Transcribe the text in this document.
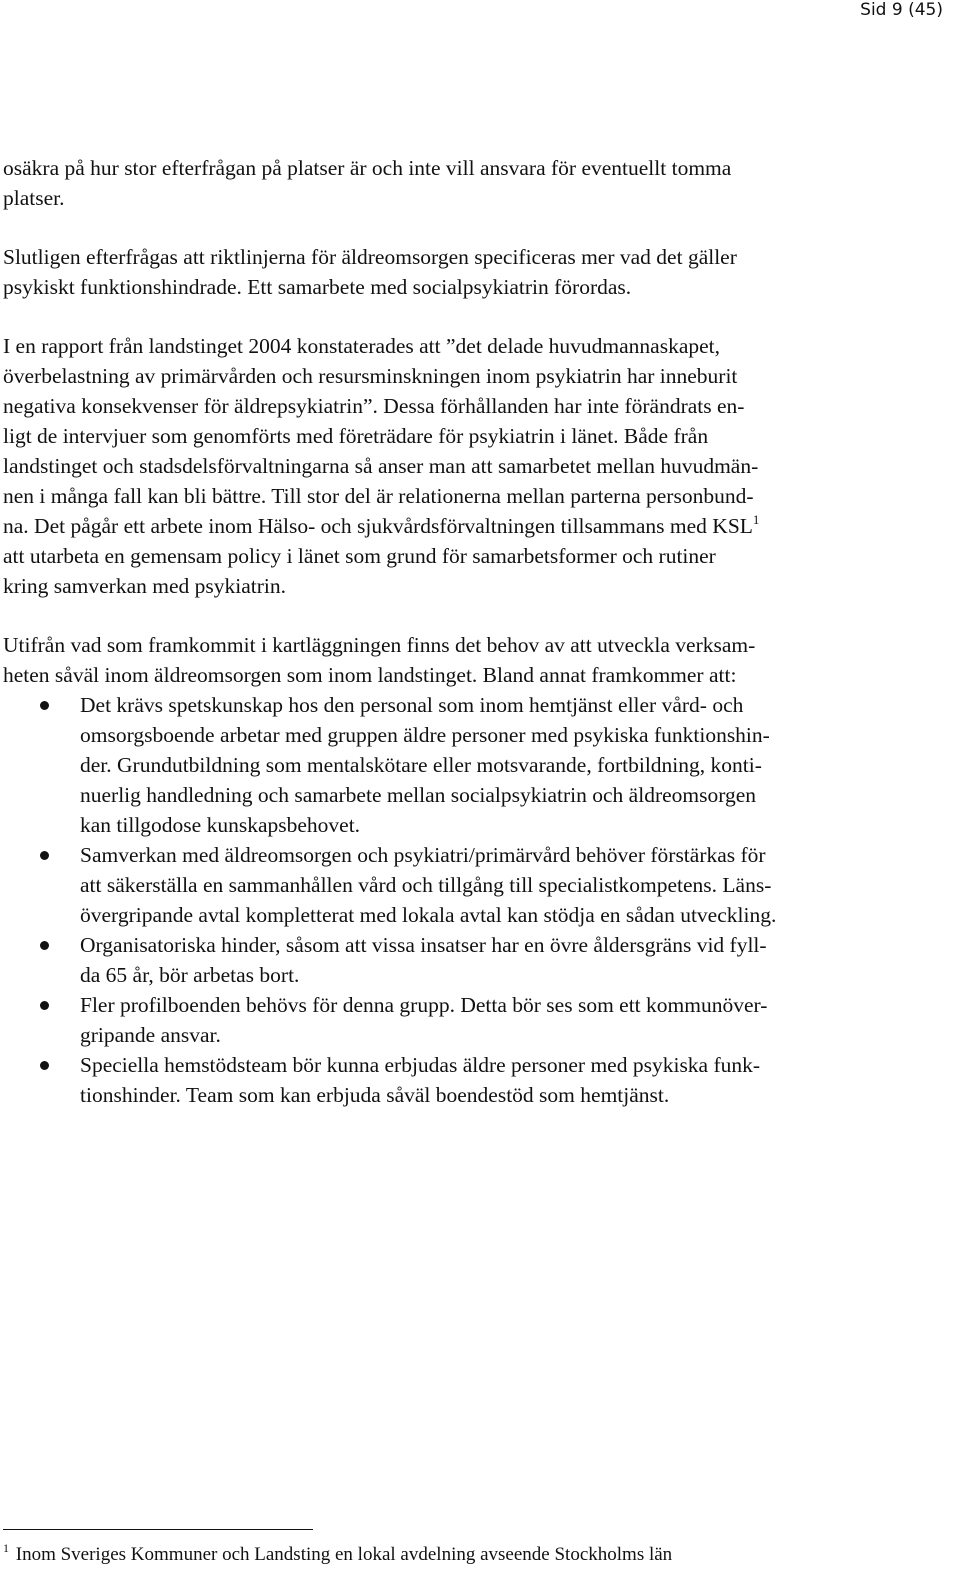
Sid 9 (45)

osäkra på hur stor efterfrågan på platser är och inte vill ansvara för eventuellt tomma
platser.

Slutligen efterfrågas att riktlinjerna för äldreomsorgen specificeras mer vad det gäller
psykiskt funktionshindrade. Ett samarbete med socialpsykiatrin förordas.

I en rapport från landstinget 2004 konstaterades att ”det delade huvudmannaskapet,
överbelastning av primärvården och resursminskningen inom psykiatrin har inneburit
negativa konsekvenser för äldrepsykiatrin”. Dessa förhållanden har inte förändrats en-
ligt de intervjuer som genomförts med företrädare för psykiatrin i länet. Både från
landstinget och stadsdelsförvaltningarna så anser man att samarbetet mellan huvudmän-
nen i många fall kan bli bättre. Till stor del är relationerna mellan parterna personbund-
na. Det pågår ett arbete inom Hälso- och sjukvårdsförvaltningen tillsammans med KSL$^1$
att utarbeta en gemensam policy i länet som grund för samarbetsformer och rutiner
kring samverkan med psykiatrin.

Utifrån vad som framkommit i kartläggningen finns det behov av att utveckla verksam-
heten såväl inom äldreomsorgen som inom landstinget. Bland annat framkommer att:

Det krävs spetskunskap hos den personal som inom hemtjänst eller vård- och
omsorgsboende arbetar med gruppen äldre personer med psykiska funktionshin-
der. Grundutbildning som mentalskötare eller motsvarande, fortbildning, konti-
nuerlig handledning och samarbete mellan socialpsykiatrin och äldreomsorgen
kan tillgodose kunskapsbehovet.
Samverkan med äldreomsorgen och psykiatri/primärvård behöver förstärkas för
att säkerställa en sammanhållen vård och tillgång till specialistkompetens. Läns-
övergripande avtal kompletterat med lokala avtal kan stödja en sådan utveckling.
Organisatoriska hinder, såsom att vissa insatser har en övre åldersgräns vid fyll-
da 65 år, bör arbetas bort.
Fler profilboenden behövs för denna grupp. Detta bör ses som ett kommunöver-
gripande ansvar.
Speciella hemstödsteam bör kunna erbjudas äldre personer med psykiska funk-
tionshinder. Team som kan erbjuda såväl boendestöd som hemtjänst.
$^1$ Inom Sveriges Kommuner och Landsting en lokal avdelning avseende Stockholms län
